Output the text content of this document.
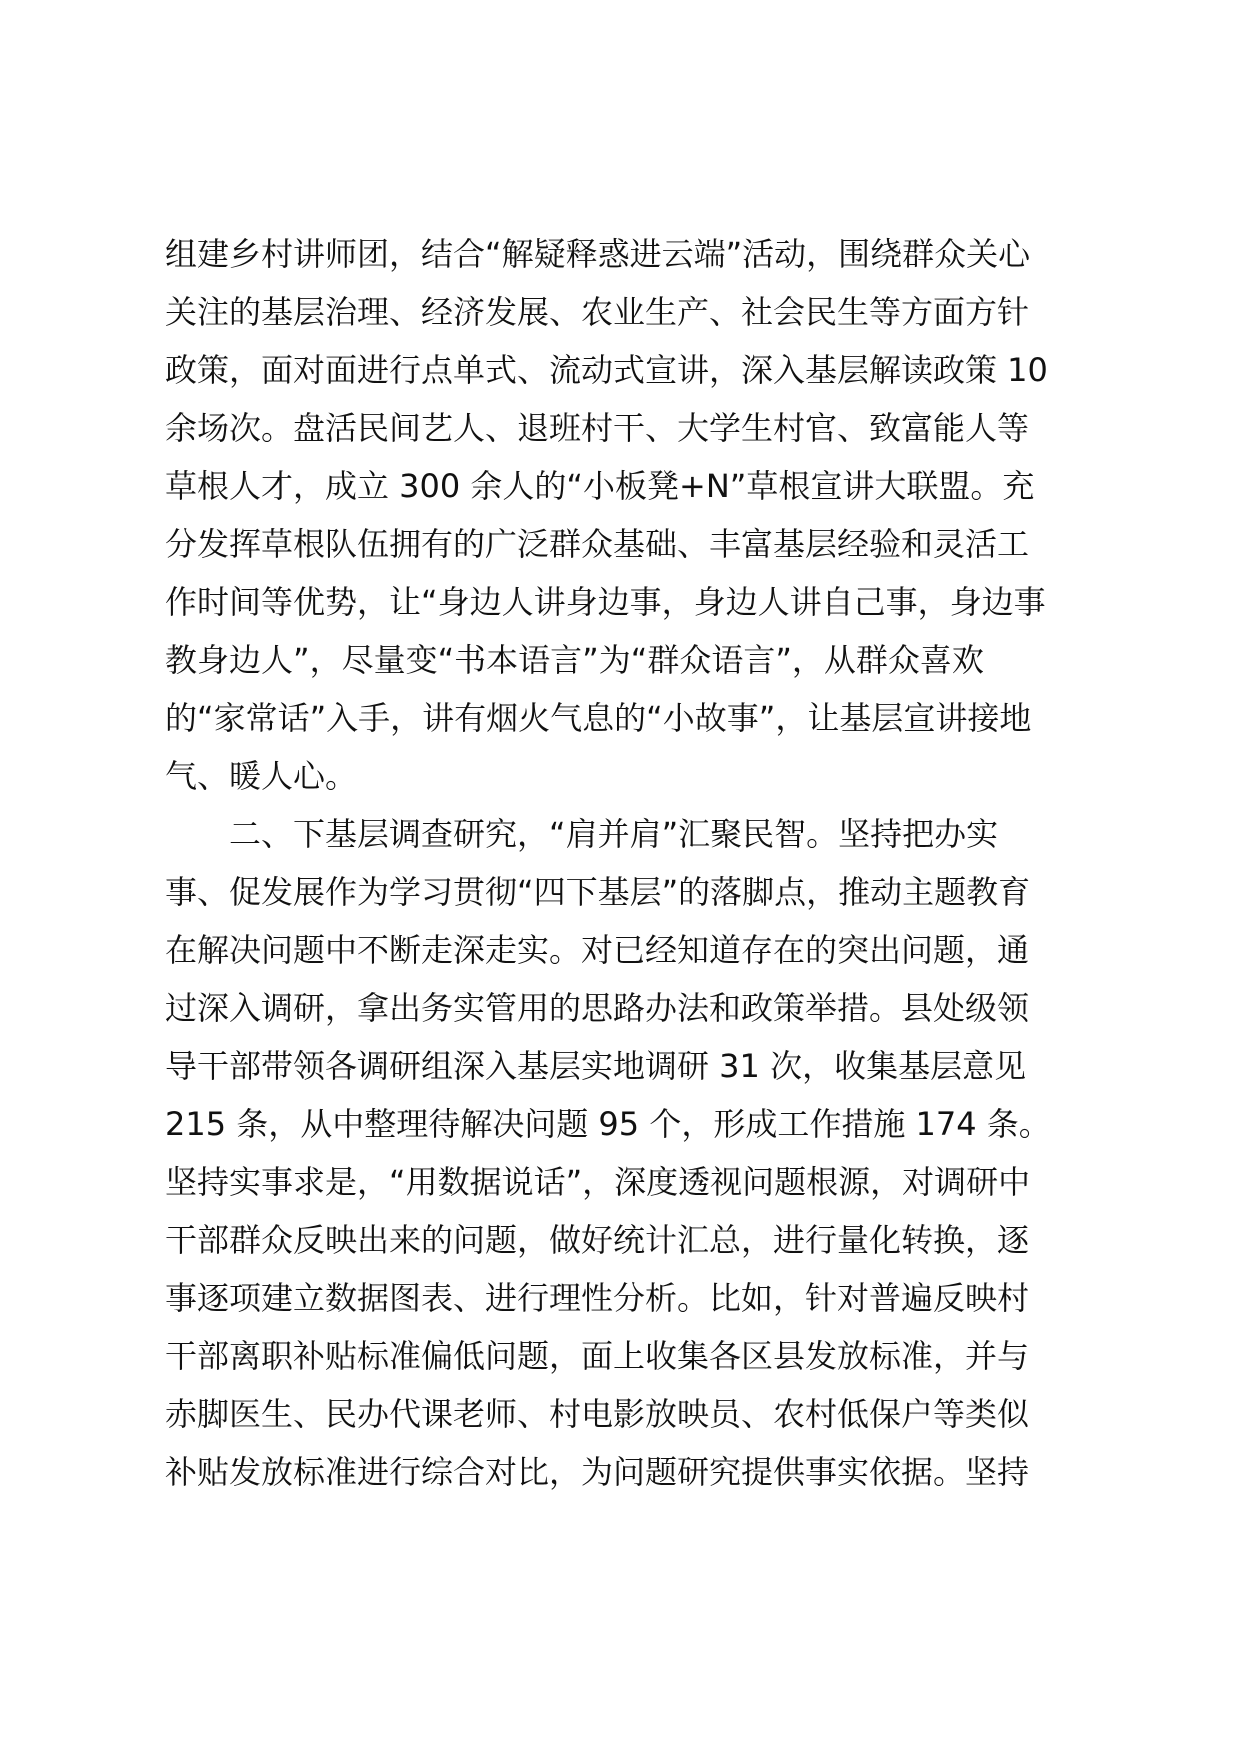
组建乡村讲师团，结合“解疑释惑进云端”活动，围绕群众关心
关注的基层治理、经济发展、农业生产、社会民生等方面方针
政策，面对面进行点单式、流动式宣讲，深入基层解读政策 10
余场次。盘活民间艺人、退班村干、大学生村官、致富能人等
草根人才，成立 300 余人的“小板凳+N”草根宣讲大联盟。充
分发挥草根队伍拥有的广泛群众基础、丰富基层经验和灵活工
作时间等优势，让“身边人讲身边事，身边人讲自己事，身边事
教身边人”，尽量变“书本语言”为“群众语言”，从群众喜欢
的“家常话”入手，讲有烟火气息的“小故事”，让基层宣讲接地
气、暖人心。
二、下基层调查研究，“肩并肩”汇聚民智。坚持把办实
事、促发展作为学习贯彻“四下基层”的落脚点，推动主题教育
在解决问题中不断走深走实。对已经知道存在的突出问题，通
过深入调研，拿出务实管用的思路办法和政策举措。县处级领
导干部带领各调研组深入基层实地调研 31 次，收集基层意见
215 条，从中整理待解决问题 95 个，形成工作措施 174 条。
坚持实事求是，“用数据说话”，深度透视问题根源，对调研中
干部群众反映出来的问题，做好统计汇总，进行量化转换，逐
事逐项建立数据图表、进行理性分析。比如，针对普遍反映村
干部离职补贴标准偏低问题，面上收集各区县发放标准，并与
赤脚医生、民办代课老师、村电影放映员、农村低保户等类似
补贴发放标准进行综合对比，为问题研究提供事实依据。坚持
